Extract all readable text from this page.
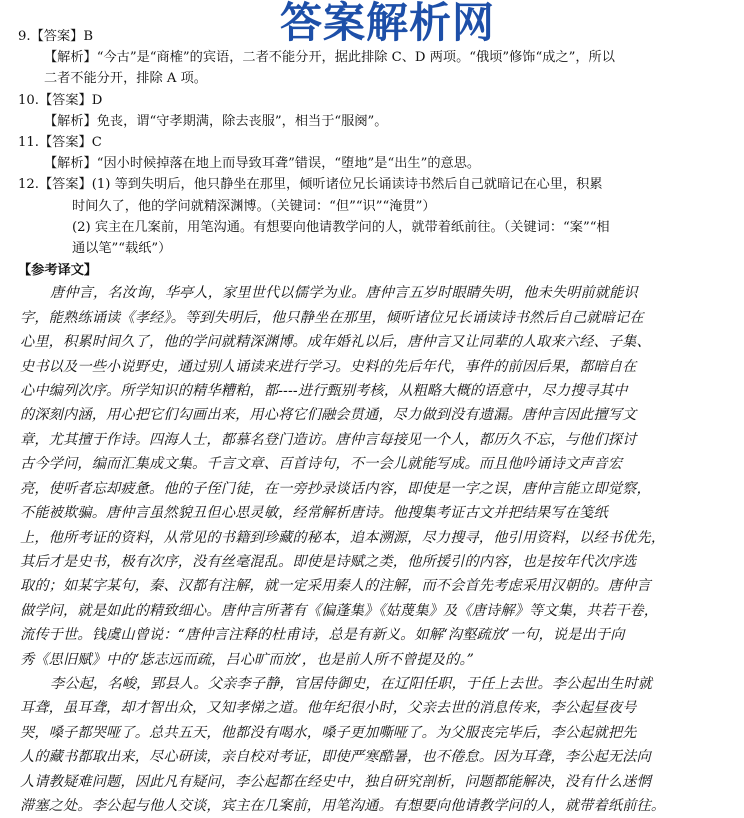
答案解析网
9.【答案】B
【解析】“今古”是“商榷”的宾语，二者不能分开，据此排除 C、D 两项。“俄顷”修饰“成之”，所以
二者不能分开，排除 A 项。
10.【答案】D
【解析】免丧，谓“守孝期满，除去丧服”，相当于“服阕”。
11.【答案】C
【解析】“因小时候掉落在地上而导致耳聋”错误，“堕地”是“出生”的意思。
12.【答案】(1) 等到失明后，他只静坐在那里，倾听诸位兄长诵读诗书然后自己就暗记在心里，积累
时间久了，他的学问就精深渊博。（关键词：“但”“识”“淹贯”）
(2) 宾主在几案前，用笔沟通。有想要向他请教学问的人，就带着纸前往。（关键词：“案”“相
通以笔”“载纸”）
【参考译文】
唐仲言，名汝询，华亭人，家里世代以儒学为业。唐仲言五岁时眼睛失明，他未失明前就能识
字，能熟练诵读《孝经》。等到失明后，他只静坐在那里，倾听诸位兄长诵读诗书然后自己就暗记在
心里，积累时间久了，他的学问就精深渊博。成年婚礼以后，唐仲言又让同辈的人取来六经、子集、
史书以及一些小说野史，通过别人诵读来进行学习。史料的先后年代，事件的前因后果，都暗自在
心中编列次序。所学知识的精华糟粕，都----进行甄别考核，从粗略大概的语意中，尽力搜寻其中
的深刻内涵，用心把它们勾画出来，用心将它们融会贯通，尽力做到没有遗漏。唐仲言因此擅写文
章，尤其擅于作诗。四海人士，都慕名登门造访。唐仲言每接见一个人，都历久不忘，与他们探讨
古今学问，编而汇集成文集。千言文章、百首诗句，不一会儿就能写成。而且他吟诵诗文声音宏
亮，使听者忘却疲惫。他的子侄门徒，在一旁抄录谈话内容，即使是一字之误，唐仲言能立即觉察，
不能被欺骗。唐仲言虽然貌丑但心思灵敏，经常解析唐诗。他搜集考证古文并把结果写在笺纸
上，他所考证的资料，从常见的书籍到珍藏的秘本，追本溯源，尽力搜寻，他引用资料，以经书优先，
其后才是史书，极有次序，没有丝毫混乱。即使是诗赋之类，他所援引的内容，也是按年代次序选
取的；如某字某句，秦、汉都有注解，就一定采用秦人的注解，而不会首先考虑采用汉朝的。唐仲言
做学问，就是如此的精致细心。唐仲言所著有《偏蓬集》《姑蔑集》及《唐诗解》等文集，共若干卷，
流传于世。钱虞山曾说：“唐仲言注释的杜甫诗，总是有新义。如解‘沟壑疏放’一句，说是出于向
秀《思旧赋》中的‘毖志远而疏，吕心旷而放’，也是前人所不曾提及的。”
李公起，名峻，郢县人。父亲李子静，官居侍御史，在辽阳任职，于任上去世。李公起出生时就
耳聋，虽耳聋，却才智出众，又知孝悌之道。他年纪很小时，父亲去世的消息传来，李公起昼夜号
哭，嗓子都哭哑了。总共五天，他都没有喝水，嗓子更加嘶哑了。为父服丧完毕后，李公起就把先
人的藏书都取出来，尽心研读，亲自校对考证，即使严寒酷暑，也不倦怠。因为耳聋，李公起无法向
人请教疑难问题，因此凡有疑问，李公起都在经史中，独自研究剖析，问题都能解决，没有什么迷惘
滞塞之处。李公起与他人交谈，宾主在几案前，用笔沟通。有想要向他请教学问的人，就带着纸前往。
